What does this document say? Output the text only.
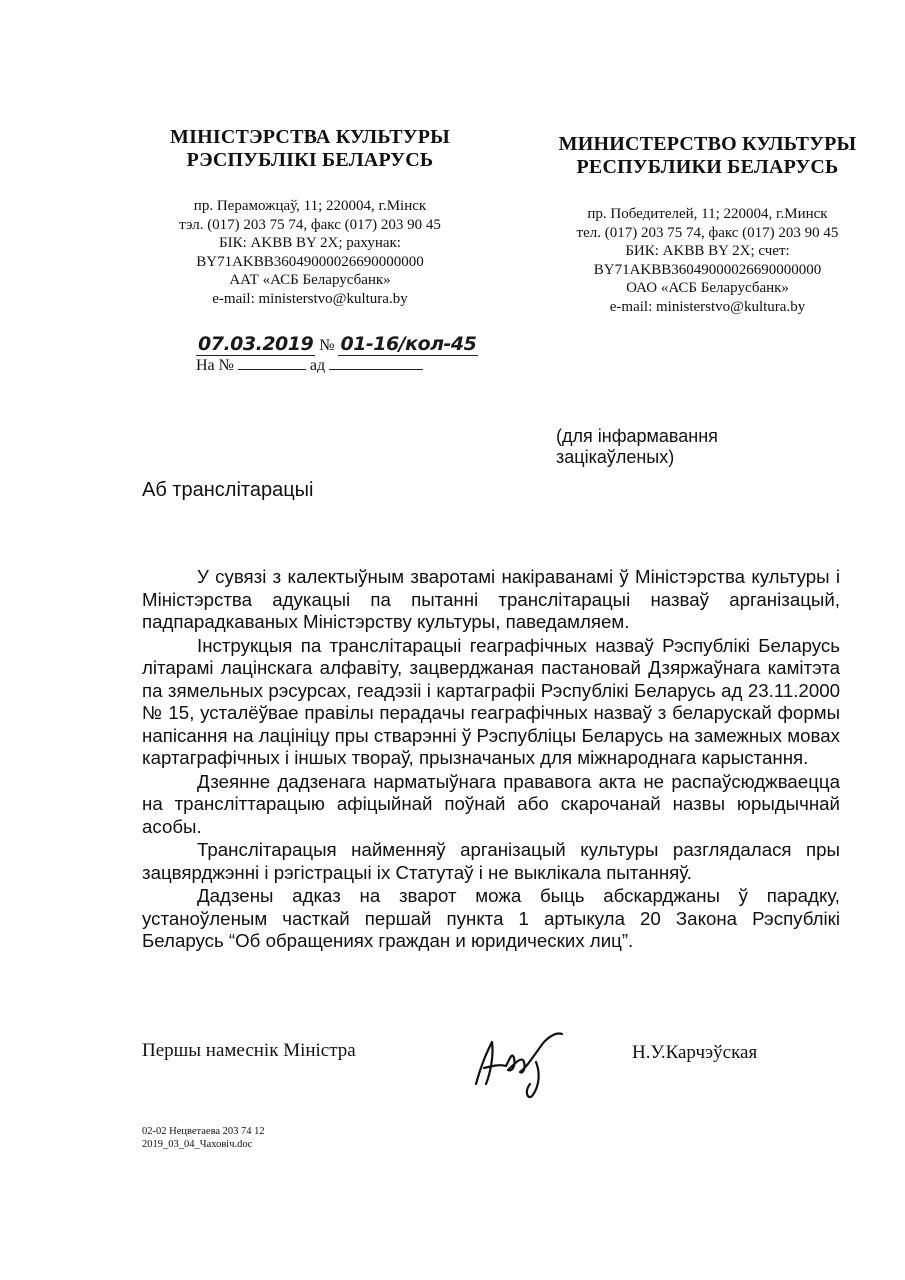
МІНІСТЭРСТВА КУЛЬТУРЫ
РЭСПУБЛІКІ БЕЛАРУСЬ
пр. Пераможцаў, 11; 220004, г.Мінск
тэл. (017) 203 75 74, факс (017) 203 90 45
БІК: AKBB BY 2X; рахунак:
BY71AKBB36049000026690000000
ААТ «АСБ Беларусбанк»
e-mail: ministerstvo@kultura.by
МИНИСТЕРСТВО КУЛЬТУРЫ
РЕСПУБЛИКИ БЕЛАРУСЬ
пр. Победителей, 11; 220004, г.Минск
тел. (017) 203 75 74, факс (017) 203 90 45
БИК: AKBB BY 2X; счет:
BY71AKBB36049000026690000000
ОАО «АСБ Беларусбанк»
e-mail: ministerstvo@kultura.by
07.03.2019 № 01-16/кол-45
На №	ад
(для інфармавання
зацікаўленых)
Аб транслітарацыі

У сувязі з калектыўным зваротамі накіраванамі ў Міністэрства культуры і Міністэрства адукацыі па пытанні транслітарацыі назваў арганізацый, падпарадкаваных Міністэрству культуры, паведамляем.

Інструкцыя па транслітарацыі геаграфічных назваў Рэспублікі Беларусь літарамі лацінскага алфавіту, зацверджаная пастановай Дзяржаўнага камітэта па зямельных рэсурсах, геадэзіі і картаграфіі Рэспублікі Беларусь ад 23.11.2000 № 15, усталёўвае правілы перадачы геаграфічных назваў з беларускай формы напісання на лацініцу пры стварэнні ў Рэспубліцы Беларусь на замежных мовах картаграфічных і іншых твораў, прызначаных для міжнароднага карыстання.

Дзеянне дадзенага нарматыўнага прававога акта не распаўсюджваецца на трансліттарацыю афіцыйнай поўнай або скарочанай назвы юрыдычнай асобы.

Транслітарацыя найменняў арганізацый культуры разглядалася пры зацвярджэнні і рэгістрацыі іх Статутаў і не выклікала пытанняў.

Дадзены адказ на зварот можа быць абскарджаны ў парадку, устаноўленым часткай першай пункта 1 артыкула 20 Закона Рэспублікі Беларусь “Об обращениях граждан и юридических лиц”.

Першы намеснік Міністра	Н.У.Карчэўская
02-02 Нецветаева 203 74 12
2019_03_04_Чаховіч.doc
